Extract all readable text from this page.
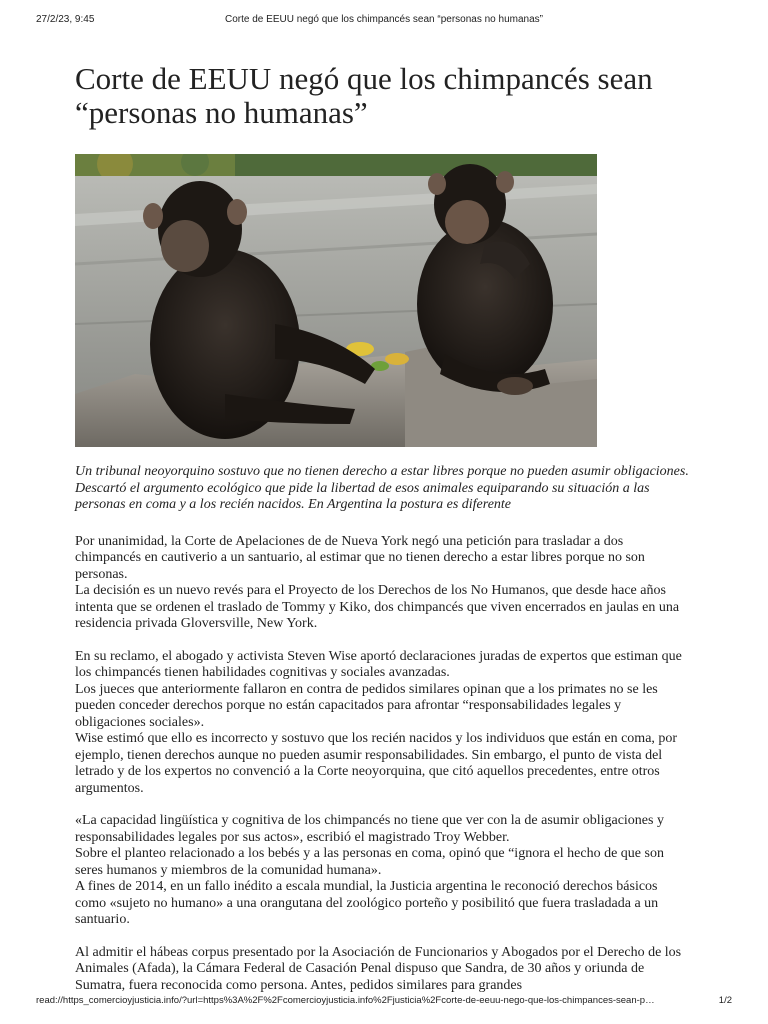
27/2/23, 9:45	Corte de EEUU negó que los chimpancés sean “personas no humanas”
Corte de EEUU negó que los chimpancés sean
“personas no humanas”
Un tribunal neoyorquino sostuvo que no tienen derecho a estar libres porque no pueden asumir obligaciones. Descartó el argumento ecológico que pide la libertad de esos animales equiparando su situación a las personas en coma y a los recién nacidos. En Argentina la postura es diferente

Por unanimidad, la Corte de Apelaciones de de Nueva York negó una petición para trasladar a dos chimpancés en cautiverio a un santuario, al estimar que no tienen derecho a estar libres porque no son personas.
La decisión es un nuevo revés para el Proyecto de los Derechos de los No Humanos, que desde hace años intenta que se ordenen el traslado de Tommy y Kiko, dos chimpancés que viven encerrados en jaulas en una residencia privada Gloversville, New York.

En su reclamo, el abogado y activista Steven Wise aportó declaraciones juradas de expertos que estiman que los chimpancés tienen habilidades cognitivas y sociales avanzadas.
Los jueces que anteriormente fallaron en contra de pedidos similares opinan que a los primates no se les pueden conceder derechos porque no están capacitados para afrontar “responsabilidades legales y obligaciones sociales».
Wise estimó que ello es incorrecto y sostuvo que los recién nacidos y los individuos que están en coma, por ejemplo, tienen derechos aunque no pueden asumir responsabilidades. Sin embargo, el punto de vista del letrado y de los expertos no convenció a la Corte neoyorquina, que citó aquellos precedentes, entre otros argumentos.

«La capacidad lingüística y cognitiva de los chimpancés no tiene que ver con la de asumir obligaciones y responsabilidades legales por sus actos», escribió el magistrado Troy Webber.
Sobre el planteo relacionado a los bebés y a las personas en coma, opinó que “ignora el hecho de que son seres humanos y miembros de la comunidad humana».
A fines de 2014, en un fallo inédito a escala mundial, la Justicia argentina le reconoció derechos básicos como «sujeto no humano» a una orangutana del zoológico porteño y posibilitó que fuera trasladada a un santuario.

Al admitir el hábeas corpus presentado por la Asociación de Funcionarios y Abogados por el Derecho de los Animales (Afada), la Cámara Federal de Casación Penal dispuso que Sandra, de 30 años y oriunda de Sumatra, fuera reconocida como persona. Antes, pedidos similares para grandes

read://https_comercioyjusticia.info/?url=https%3A%2F%2Fcomercioyjusticia.info%2Fjusticia%2Fcorte-de-eeuu-nego-que-los-chimpances-sean-p…	1/2
